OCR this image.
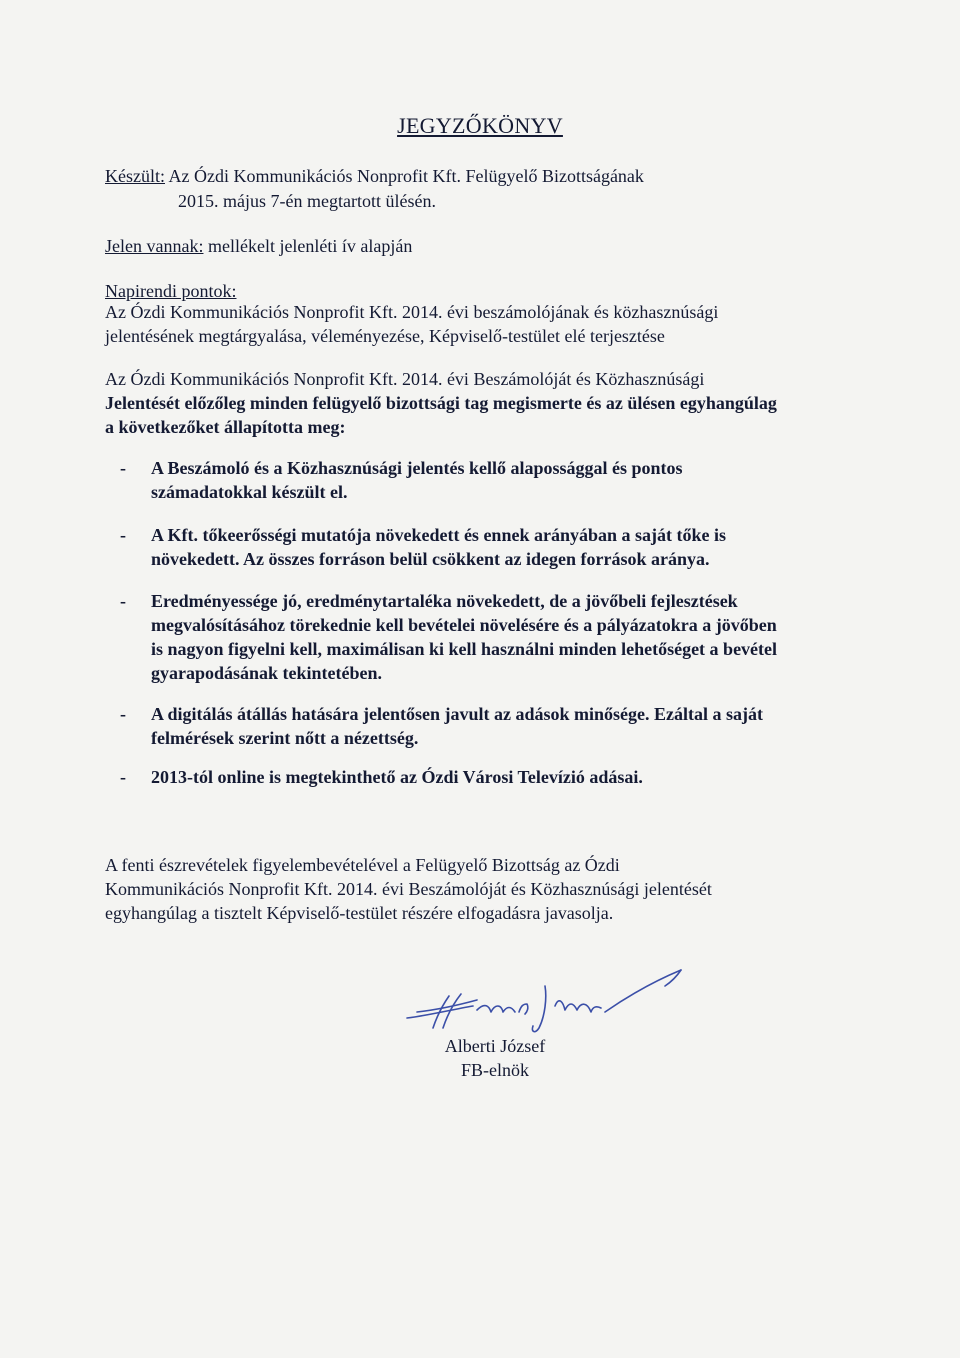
JEGYZŐKÖNYV
Készült: Az Ózdi Kommunikációs Nonprofit Kft. Felügyelő Bizottságának
2015. május 7-én megtartott ülésén.
Jelen vannak: mellékelt jelenléti ív alapján
Napirendi pontok:
Az Ózdi Kommunikációs Nonprofit Kft. 2014. évi beszámolójának és közhasznúsági
jelentésének megtárgyalása, véleményezése, Képviselő-testület elé terjesztése
Az Ózdi Kommunikációs Nonprofit Kft. 2014. évi Beszámolóját és Közhasznúsági
Jelentését előzőleg minden felügyelő bizottsági tag megismerte és az ülésen egyhangúlag
a következőket állapította meg:
- A Beszámoló és a Közhasznúsági jelentés kellő alapossággal és pontos
számadatokkal készült el.
- A Kft. tőkeerősségi mutatója növekedett és ennek arányában a saját tőke is
növekedett. Az összes forráson belül csökkent az idegen források aránya.
- Eredményessége jó, eredménytartaléka növekedett, de a jövőbeli fejlesztések
megvalósításához törekednie kell bevételei növelésére és a pályázatokra a jövőben
is nagyon figyelni kell, maximálisan ki kell használni minden lehetőséget a bevétel
gyarapodásának tekintetében.
- A digitálás átállás hatására jelentősen javult az adások minősége. Ezáltal a saját
felmérések szerint nőtt a nézettség.
- 2013-tól online is megtekinthető az Ózdi Városi Televízió adásai.
A fenti észrevételek figyelembevételével a Felügyelő Bizottság az Ózdi
Kommunikációs Nonprofit Kft. 2014. évi Beszámolóját és Közhasznúsági jelentését
egyhangúlag a tisztelt Képviselő-testület részére elfogadásra javasolja.
Alberti József
FB-elnök
